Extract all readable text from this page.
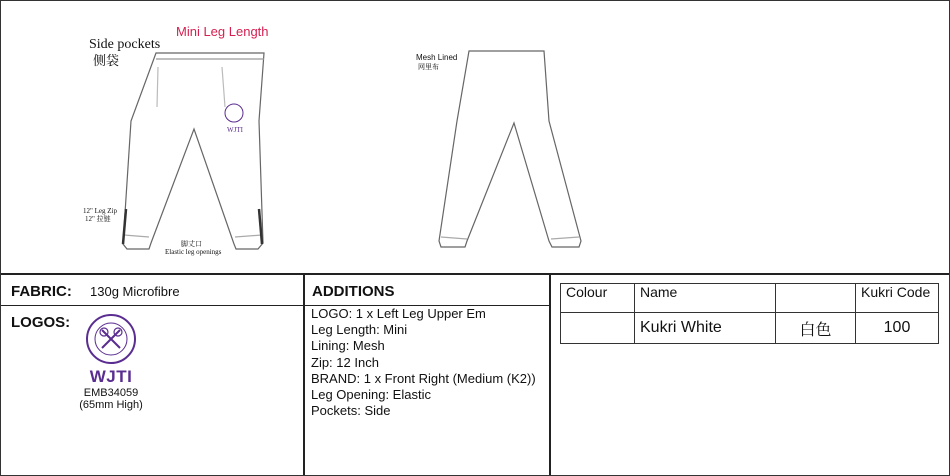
WJTI
Mini Leg Length
Side pockets
侧袋	Mesh Lined
网里布
12" Leg Zip
12" 拉链
脚丈口
Elastic leg openings
FABRIC: 130g Microfibre
LOGOS:
WJTI
EMB34059
(65mm High)
ADDITIONS
LOGO: 1 x Left Leg Upper Em
Leg Length: Mini
Lining: Mesh
Zip: 12 Inch
BRAND: 1 x Front Right (Medium (K2))
Leg Opening: Elastic
Pockets: Side
Colour	Name		Kukri Code
	Kukri White	白色	100
